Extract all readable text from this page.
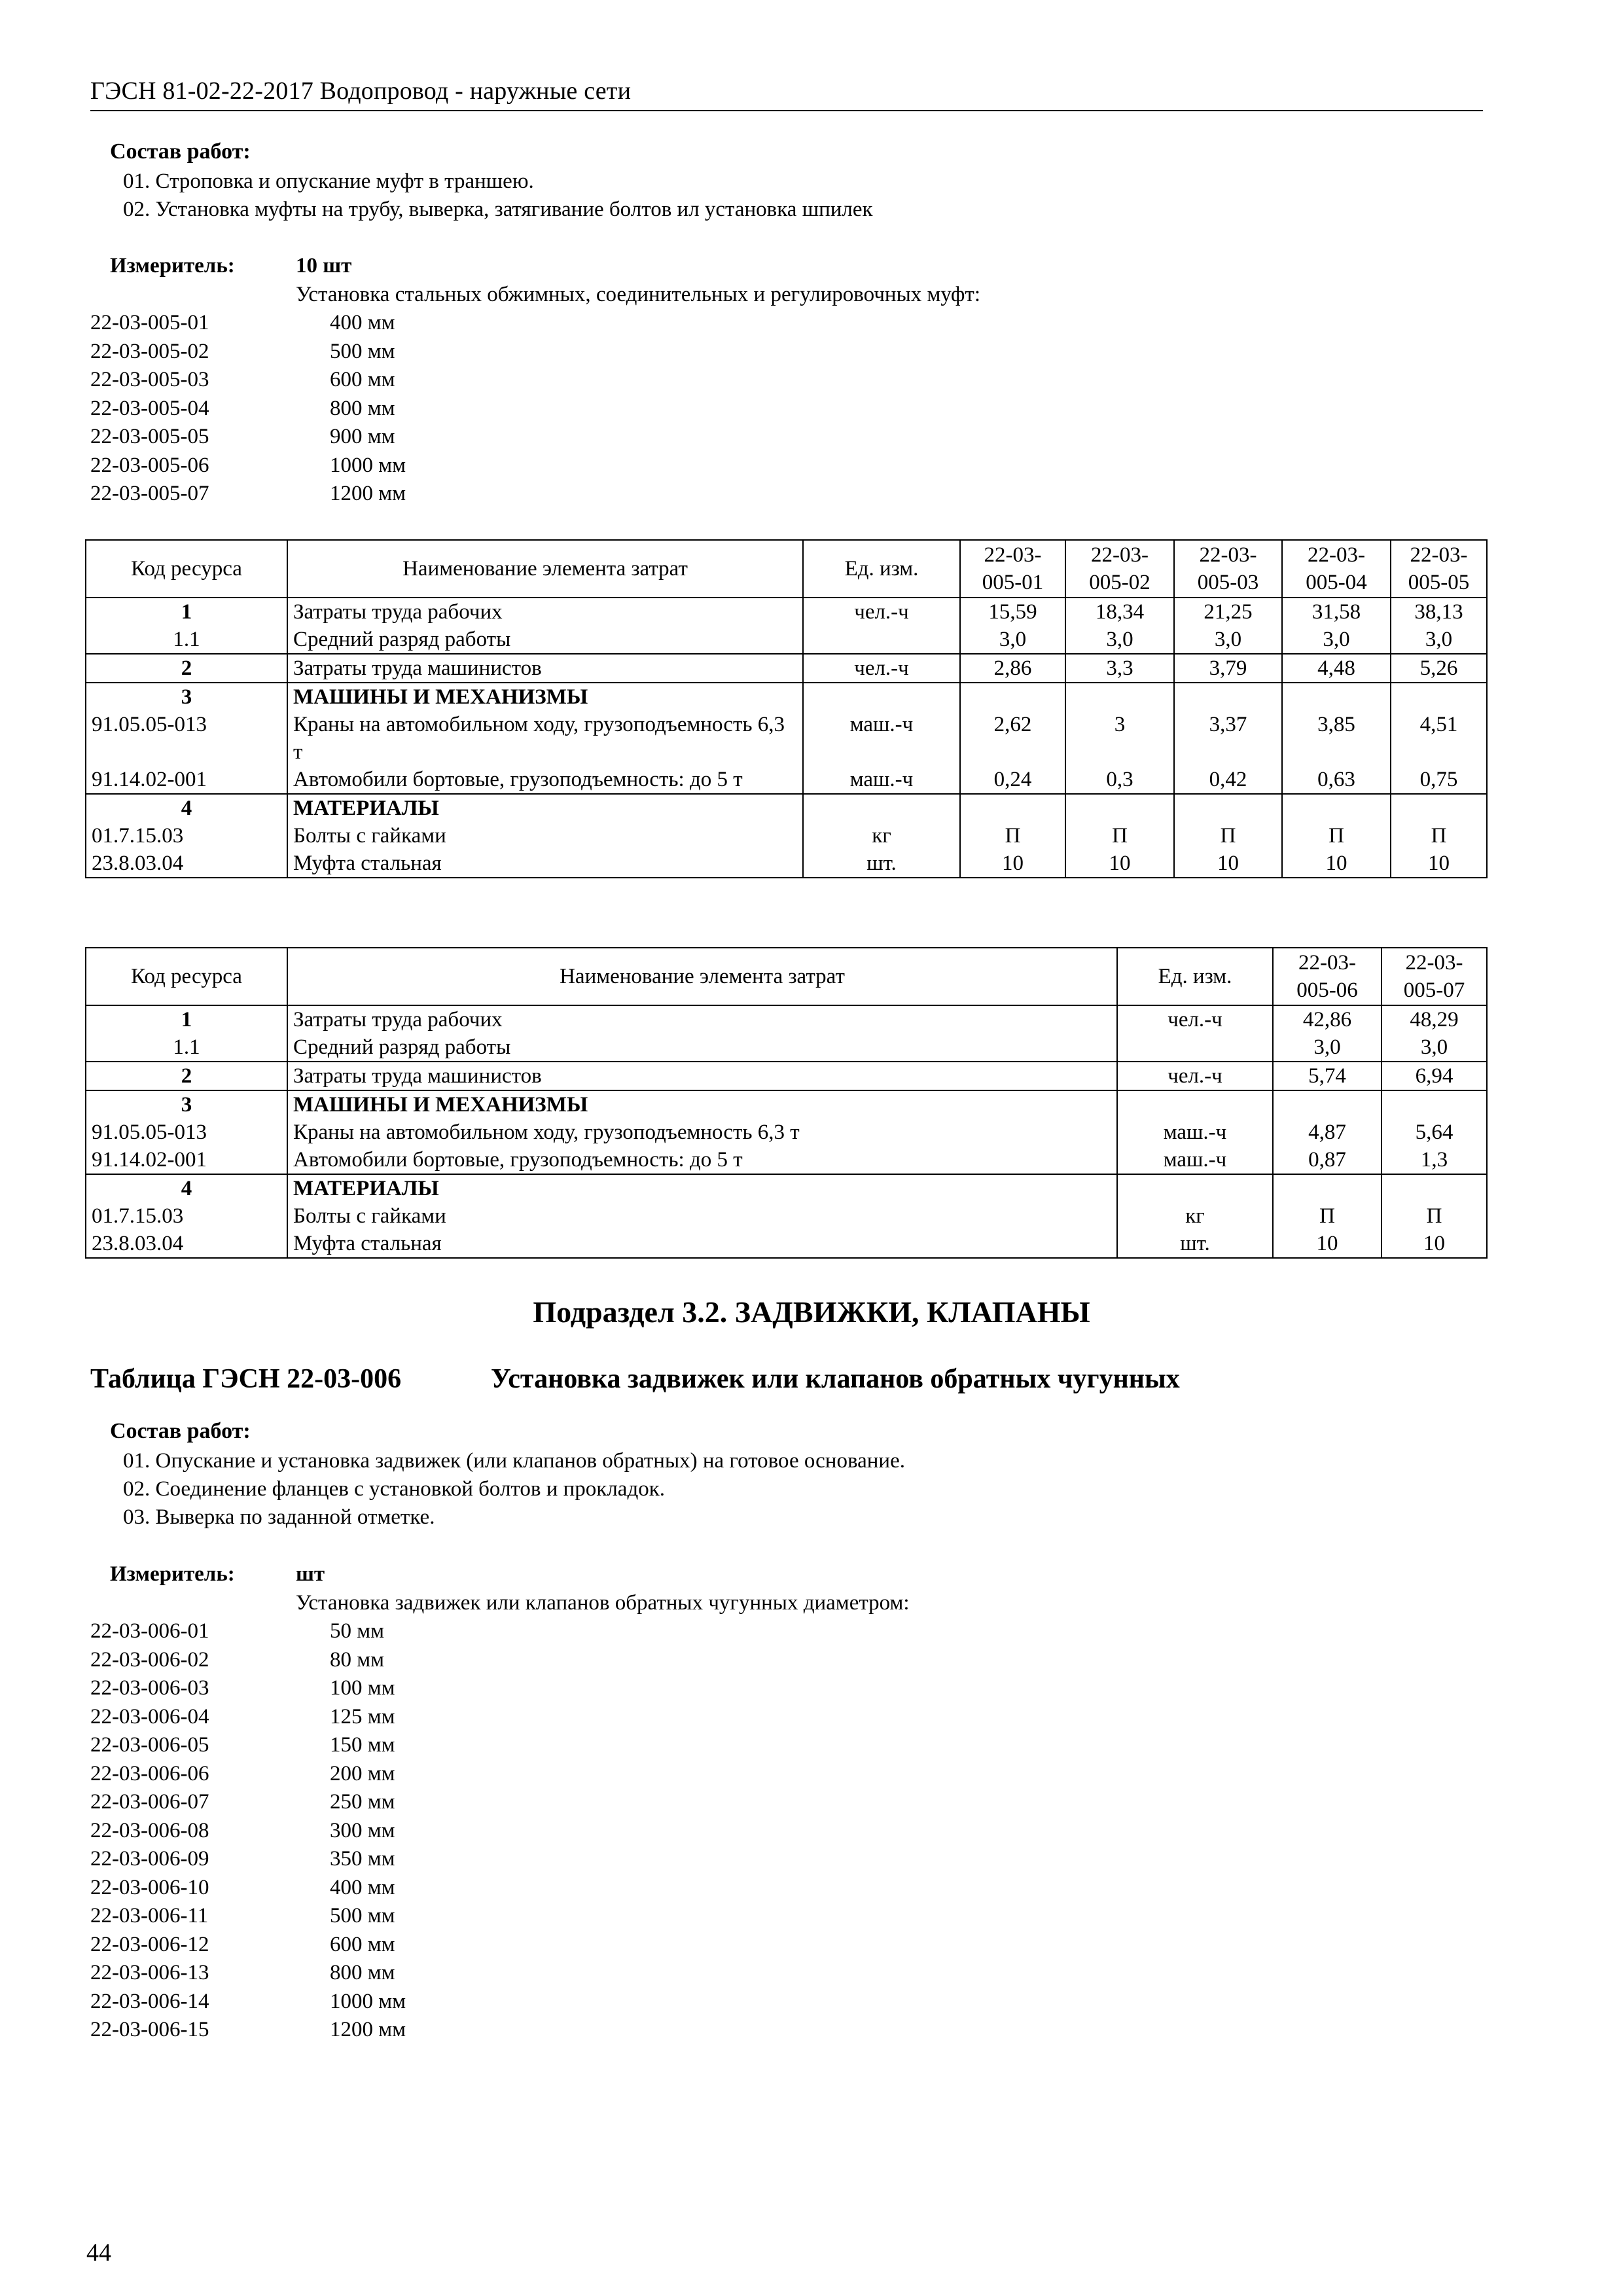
ГЭСН 81-02-22-2017 Водопровод - наружные сети
Состав работ:
01. Строповка и опускание муфт в траншею.
02. Установка муфты на трубу, выверка, затягивание болтов ил установка шпилек
Измеритель:	10 шт
Установка стальных обжимных, соединительных и регулировочных муфт:
22-03-005-01	400 мм
22-03-005-02	500 мм
22-03-005-03	600 мм
22-03-005-04	800 мм
22-03-005-05	900 мм
22-03-005-06	1000 мм
22-03-005-07	1200 мм
Код ресурса	Наименование элемента затрат	Ед. изм.	22-03-
005-01	22-03-
005-02	22-03-
005-03	22-03-
005-04	22-03-
005-05
1	Затраты труда рабочих	чел.-ч	15,59	18,34	21,25	31,58	38,13
1.1	Средний разряд работы		3,0	3,0	3,0	3,0	3,0
2	Затраты труда машинистов	чел.-ч	2,86	3,3	3,79	4,48	5,26
3	МАШИНЫ И МЕХАНИЗМЫ						
91.05.05-013	Краны на автомобильном ходу, грузоподъемность 6,3 т	маш.-ч	2,62	3	3,37	3,85	4,51
91.14.02-001	Автомобили бортовые, грузоподъемность: до 5 т	маш.-ч	0,24	0,3	0,42	0,63	0,75
4	МАТЕРИАЛЫ						
01.7.15.03	Болты с гайками	кг	П	П	П	П	П
23.8.03.04	Муфта стальная	шт.	10	10	10	10	10
Код ресурса	Наименование элемента затрат	Ед. изм.	22-03-
005-06	22-03-
005-07
1	Затраты труда рабочих	чел.-ч	42,86	48,29
1.1	Средний разряд работы		3,0	3,0
2	Затраты труда машинистов	чел.-ч	5,74	6,94
3	МАШИНЫ И МЕХАНИЗМЫ			
91.05.05-013	Краны на автомобильном ходу, грузоподъемность 6,3 т	маш.-ч	4,87	5,64
91.14.02-001	Автомобили бортовые, грузоподъемность: до 5 т	маш.-ч	0,87	1,3
4	МАТЕРИАЛЫ			
01.7.15.03	Болты с гайками	кг	П	П
23.8.03.04	Муфта стальная	шт.	10	10
Подраздел 3.2. ЗАДВИЖКИ, КЛАПАНЫ
Таблица ГЭСН 22-03-006	Установка задвижек или клапанов обратных чугунных
Состав работ:
01. Опускание и установка задвижек (или клапанов обратных) на готовое основание.
02. Соединение фланцев с установкой болтов и прокладок.
03. Выверка по заданной отметке.
Измеритель:	шт
Установка задвижек или клапанов обратных чугунных диаметром:
22-03-006-01	50 мм
22-03-006-02	80 мм
22-03-006-03	100 мм
22-03-006-04	125 мм
22-03-006-05	150 мм
22-03-006-06	200 мм
22-03-006-07	250 мм
22-03-006-08	300 мм
22-03-006-09	350 мм
22-03-006-10	400 мм
22-03-006-11	500 мм
22-03-006-12	600 мм
22-03-006-13	800 мм
22-03-006-14	1000 мм
22-03-006-15	1200 мм
44
